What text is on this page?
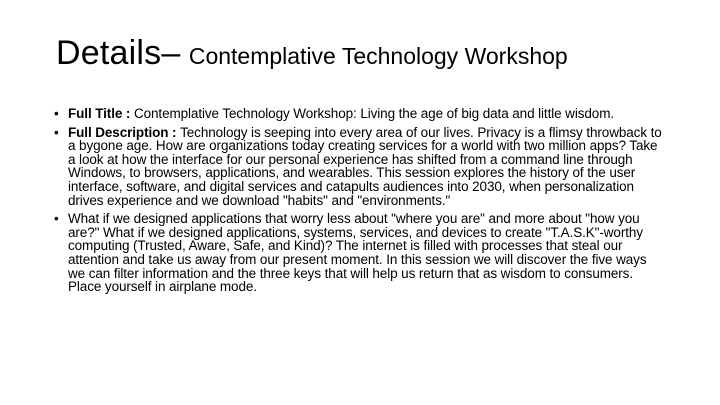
Details– Contemplative Technology Workshop
• Full Title : Contemplative Technology Workshop: Living the age of big data and little wisdom.
• Full Description : Technology is seeping into every area of our lives. Privacy is a flimsy throwback to a bygone age. How are organizations today creating services for a world with two million apps? Take a look at how the interface for our personal experience has shifted from a command line through Windows, to browsers, applications, and wearables. This session explores the history of the user interface, software, and digital services and catapults audiences into 2030, when personalization drives experience and we download "habits" and "environments."
• What if we designed applications that worry less about "where you are" and more about "how you are?" What if we designed applications, systems, services, and devices to create "T.A.S.K"-worthy computing (Trusted, Aware, Safe, and Kind)? The internet is filled with processes that steal our attention and take us away from our present moment. In this session we will discover the five ways we can filter information and the three keys that will help us return that as wisdom to consumers. Place yourself in airplane mode.
